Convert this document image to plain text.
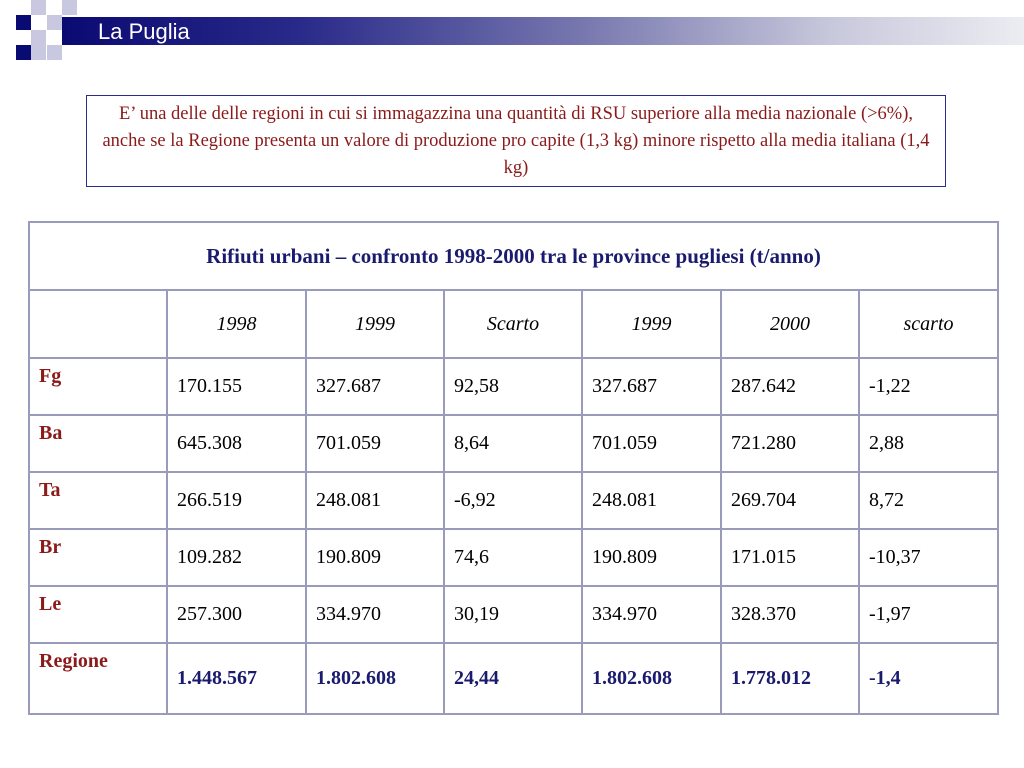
La Puglia
E’ una delle delle regioni in cui si immagazzina una quantità di RSU superiore alla media nazionale (>6%), anche se la Regione presenta un valore di produzione pro capite (1,3 kg) minore rispetto alla media italiana (1,4 kg)
Rifiuti urbani – confronto 1998-2000 tra le province pugliesi (t/anno)						
	1998	1999	Scarto	1999	2000	scarto
Fg	170.155	327.687	92,58	327.687	287.642	-1,22
Ba	645.308	701.059	8,64	701.059	721.280	2,88
Ta	266.519	248.081	-6,92	248.081	269.704	8,72
Br	109.282	190.809	74,6	190.809	171.015	-10,37
Le	257.300	334.970	30,19	334.970	328.370	-1,97
Regione	1.448.567	1.802.608	24,44	1.802.608	1.778.012	-1,4
